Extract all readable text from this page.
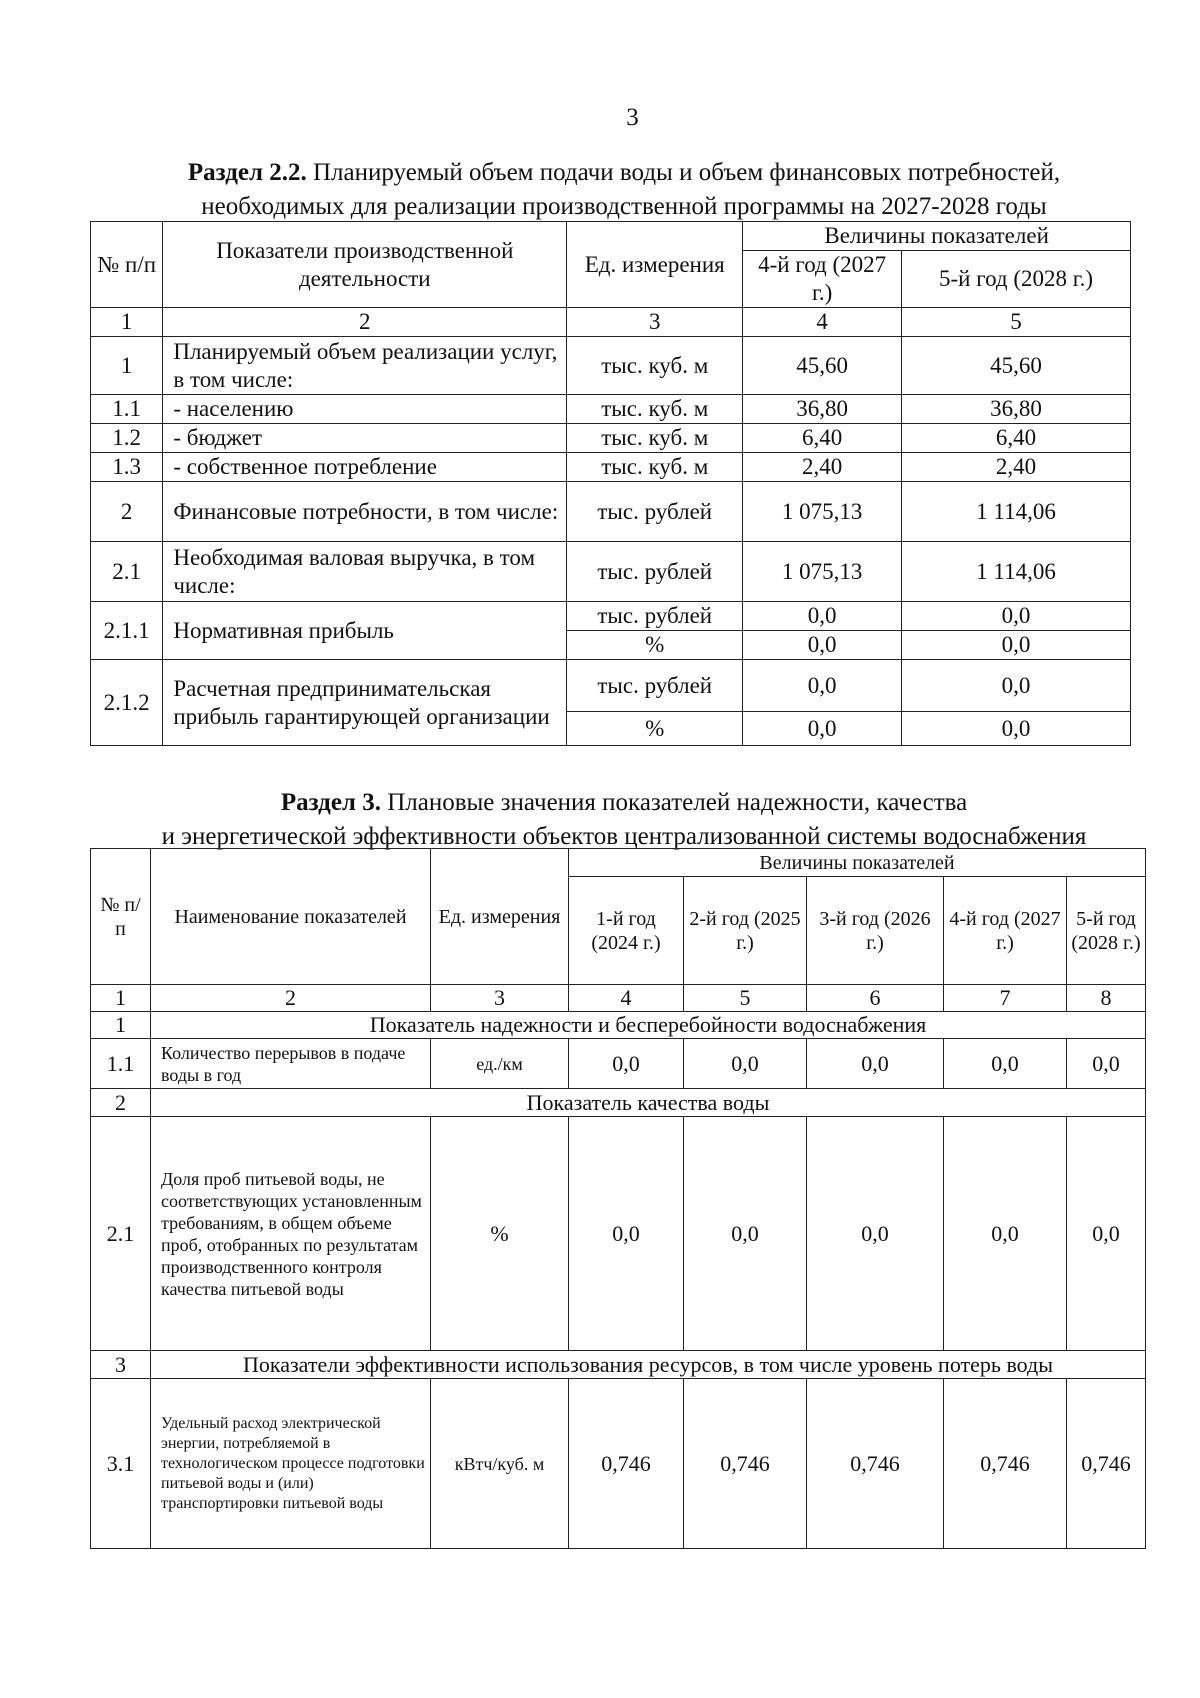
3
Раздел 2.2. Планируемый объем подачи воды и объем финансовых потребностей,
необходимых для реализации производственной программы на 2027-2028 годы
№ п/п	Показатели производственной деятельности	Ед. измерения	Величины показателей	
			4-й год (2027 г.)	5-й год (2028 г.)
1	2	3	4	5
1	Планируемый объем реализации услуг, в том числе:	тыс. куб. м	45,60	45,60
1.1	- населению	тыс. куб. м	36,80	36,80
1.2	- бюджет	тыс. куб. м	6,40	6,40
1.3	- собственное потребление	тыс. куб. м	2,40	2,40
2	Финансовые потребности, в том числе:	тыс. рублей	1 075,13	1 114,06
2.1	Необходимая валовая выручка, в том числе:	тыс. рублей	1 075,13	1 114,06
2.1.1	Нормативная прибыль	тыс. рублей	0,0	0,0
		%	0,0	0,0
2.1.2	Расчетная предпринимательская прибыль гарантирующей организации	тыс. рублей	0,0	0,0
		%	0,0	0,0
Раздел 3. Плановые значения показателей надежности, качества
и энергетической эффективности объектов централизованной системы водоснабжения
№ п/п	Наименование показателей	Ед. измерения	Величины показателей				
			1-й год (2024 г.)	2-й год (2025 г.)	3-й год (2026 г.)	4-й год (2027 г.)	5-й год (2028 г.)
1	2	3	4	5	6	7	8
1	Показатель надежности и бесперебойности водоснабжения						
1.1	Количество перерывов в подаче воды в год	ед./км	0,0	0,0	0,0	0,0	0,0
2	Показатель качества воды						
2.1	Доля проб питьевой воды, не соответствующих установленным требованиям, в общем объеме проб, отобранных по результатам производственного контроля качества питьевой воды	%	0,0	0,0	0,0	0,0	0,0
3	Показатели эффективности использования ресурсов, в том числе уровень потерь воды						
3.1	Удельный расход электрической энергии, потребляемой в технологическом процессе подготовки питьевой воды и (или) транспортировки питьевой воды	кВтч/куб. м	0,746	0,746	0,746	0,746	0,746
